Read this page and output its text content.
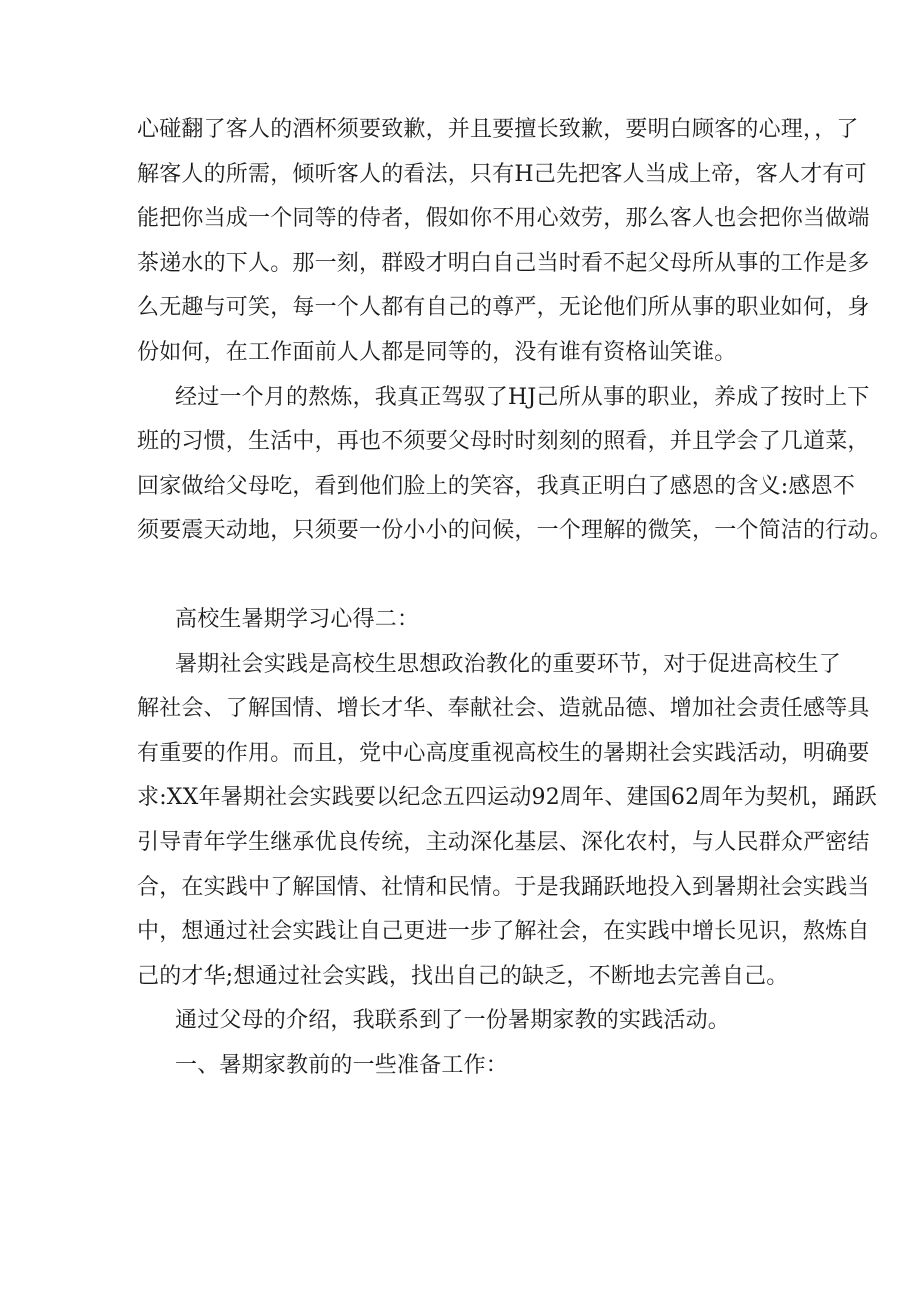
心碰翻了客人的酒杯须要致歉，并且要擅长致歉，要明白顾客的心理，，了
解客人的所需，倾听客人的看法，只有H己先把客人当成上帝，客人才有可
能把你当成一个同等的侍者，假如你不用心效劳，那么客人也会把你当做端
茶递水的下人。那一刻，群殴才明白自己当时看不起父母所从事的工作是多
么无趣与可笑，每一个人都有自己的尊严，无论他们所从事的职业如何，身
份如何，在工作面前人人都是同等的，没有谁有资格讪笑谁。

经过一个月的熬炼，我真正驾驭了HJ己所从事的职业，养成了按时上下
班的习惯，生活中，再也不须要父母时时刻刻的照看，并且学会了几道菜，
回家做给父母吃，看到他们脸上的笑容，我真正明白了感恩的含义:感恩不
须要震天动地，只须要一份小小的问候，一个理解的微笑，一个简洁的行动。

高校生暑期学习心得二：

暑期社会实践是高校生思想政治教化的重要环节，对于促进高校生了
解社会、了解国情、增长才华、奉献社会、造就品德、增加社会责任感等具
有重要的作用。而且，党中心高度重视高校生的暑期社会实践活动，明确要
求:XX年暑期社会实践要以纪念五四运动92周年、建国62周年为契机，踊跃
引导青年学生继承优良传统，主动深化基层、深化农村，与人民群众严密结
合，在实践中了解国情、社情和民情。于是我踊跃地投入到暑期社会实践当
中，想通过社会实践让自己更进一步了解社会，在实践中增长见识，熬炼自
己的才华;想通过社会实践，找出自己的缺乏，不断地去完善自己。

通过父母的介绍，我联系到了一份暑期家教的实践活动。

一、暑期家教前的一些准备工作：
